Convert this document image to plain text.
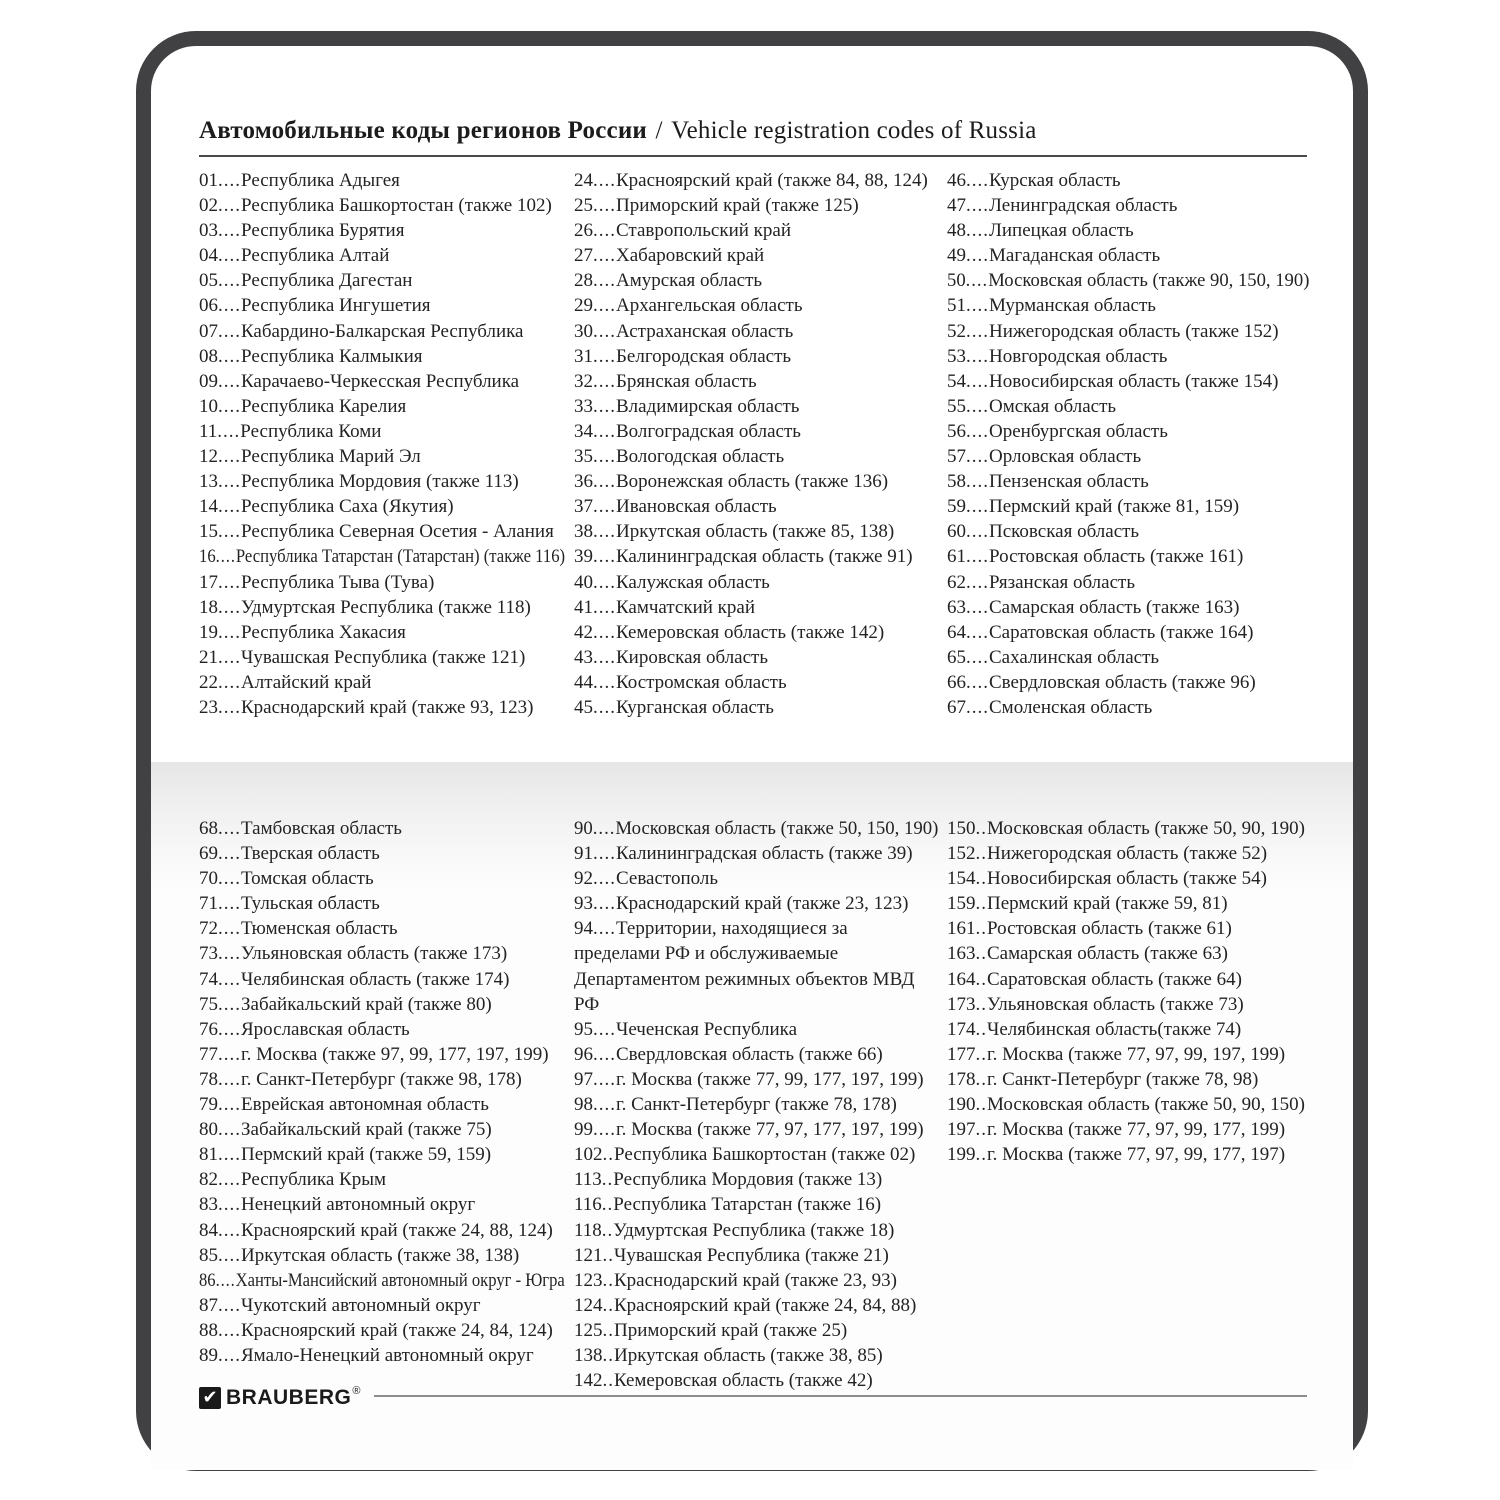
Автомобильные коды регионов России / Vehicle registration codes of Russia
01....Республика Адыгея
02....Республика Башкортостан (также 102)
03....Республика Бурятия
04....Республика Алтай
05....Республика Дагестан
06....Республика Ингушетия
07....Кабардино-Балкарская Республика
08....Республика Калмыкия
09....Карачаево-Черкесская Республика
10....Республика Карелия
11....Республика Коми
12....Республика Марий Эл
13....Республика Мордовия (также 113)
14....Республика Саха (Якутия)
15....Республика Северная Осетия - Алания
16....Республика Татарстан (Татарстан) (также 116)
17....Республика Тыва (Тува)
18....Удмуртская Республика (также 118)
19....Республика Хакасия
21....Чувашская Республика (также 121)
22....Алтайский край
23....Краснодарский край (также 93, 123)
24....Красноярский край (также 84, 88, 124)
25....Приморский край (также 125)
26....Ставропольский край
27....Хабаровский край
28....Амурская область
29....Архангельская область
30....Астраханская область
31....Белгородская область
32....Брянская область
33....Владимирская область
34....Волгоградская область
35....Вологодская область
36....Воронежская область (также 136)
37....Ивановская область
38....Иркутская область (также 85, 138)
39....Калининградская область (также 91)
40....Калужская область
41....Камчатский край
42....Кемеровская область (также 142)
43....Кировская область
44....Костромская область
45....Курганская область
46....Курская область
47....Ленинградская область
48....Липецкая область
49....Магаданская область
50....Московская область (также 90, 150, 190)
51....Мурманская область
52....Нижегородская область (также 152)
53....Новгородская область
54....Новосибирская область (также 154)
55....Омская область
56....Оренбургская область
57....Орловская область
58....Пензенская область
59....Пермский край (также 81, 159)
60....Псковская область
61....Ростовская область (также 161)
62....Рязанская область
63....Самарская область (также 163)
64....Саратовская область (также 164)
65....Сахалинская область
66....Свердловская область (также 96)
67....Смоленская область
68....Тамбовская область
69....Тверская область
70....Томская область
71....Тульская область
72....Тюменская область
73....Ульяновская область (также 173)
74....Челябинская область (также 174)
75....Забайкальский край (также 80)
76....Ярославская область
77....г. Москва (также 97, 99, 177, 197, 199)
78....г. Санкт-Петербург (также 98, 178)
79....Еврейская автономная область
80....Забайкальский край (также 75)
81....Пермский край (также 59, 159)
82....Республика Крым
83....Ненецкий автономный округ
84....Красноярский край (также 24, 88, 124)
85....Иркутская область (также 38, 138)
86....Ханты-Мансийский автономный округ - Югра
87....Чукотский автономный округ
88....Красноярский край (также 24, 84, 124)
89....Ямало-Ненецкий автономный округ
90....Московская область (также 50, 150, 190)
91....Калининградская область (также 39)
92....Севастополь
93....Краснодарский край (также 23, 123)
94....Территории, находящиеся за пределами РФ и обслуживаемые Департаментом режимных объектов МВД РФ
95....Чеченская Республика
96....Свердловская область (также 66)
97....г. Москва (также 77, 99, 177, 197, 199)
98....г. Санкт-Петербург (также 78, 178)
99....г. Москва (также 77, 97, 177, 197, 199)
102..Республика Башкортостан (также 02)
113..Республика Мордовия (также 13)
116..Республика Татарстан (также 16)
118..Удмуртская Республика (также 18)
121..Чувашская Республика (также 21)
123..Краснодарский край (также 23, 93)
124..Красноярский край (также 24, 84, 88)
125..Приморский край (также 25)
138..Иркутская область (также 38, 85)
142..Кемеровская область (также 42)
150..Московская область (также 50, 90, 190)
152..Нижегородская область (также 52)
154..Новосибирская область (также 54)
159..Пермский край (также 59, 81)
161..Ростовская область (также 61)
163..Самарская область (также 63)
164..Саратовская область (также 64)
173..Ульяновская область (также 73)
174..Челябинская область(также 74)
177..г. Москва (также 77, 97, 99, 197, 199)
178..г. Санкт-Петербург (также 78, 98)
190..Московская область (также 50, 90, 150)
197..г. Москва (также 77, 97, 99, 177, 199)
199..г. Москва (также 77, 97, 99, 177, 197)
✔ BRAUBERG ®
